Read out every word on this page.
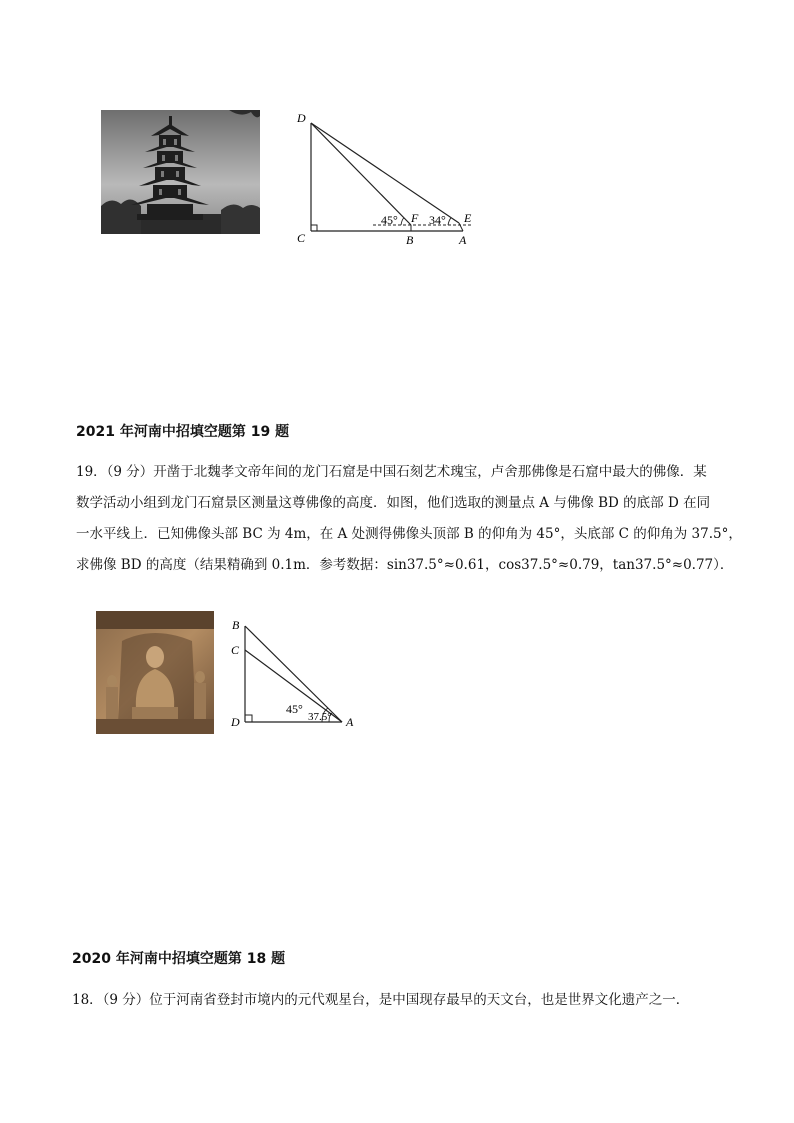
D
C	B
F
A
E
45°	34°
2021 年河南中招填空题第 19 题
19．（9 分）开凿于北魏孝文帝年间的龙门石窟是中国石刻艺术瑰宝，卢舍那佛像是石窟中最大的佛像．某
数学活动小组到龙门石窟景区测量这尊佛像的高度．如图，他们选取的测量点 A 与佛像 BD 的底部 D 在同
一水平线上．已知佛像头部 BC 为 4m，在 A 处测得佛像头顶部 B 的仰角为 45°，头底部 C 的仰角为 37.5°，
求佛像 BD 的高度（结果精确到 0.1m．参考数据：sin37.5°≈0.61，cos37.5°≈0.79，tan37.5°≈0.77）．
B
C
D	A
45°
37.5°
2020 年河南中招填空题第 18 题
18．（9 分）位于河南省登封市境内的元代观星台，是中国现存最早的天文台，也是世界文化遗产之一．
